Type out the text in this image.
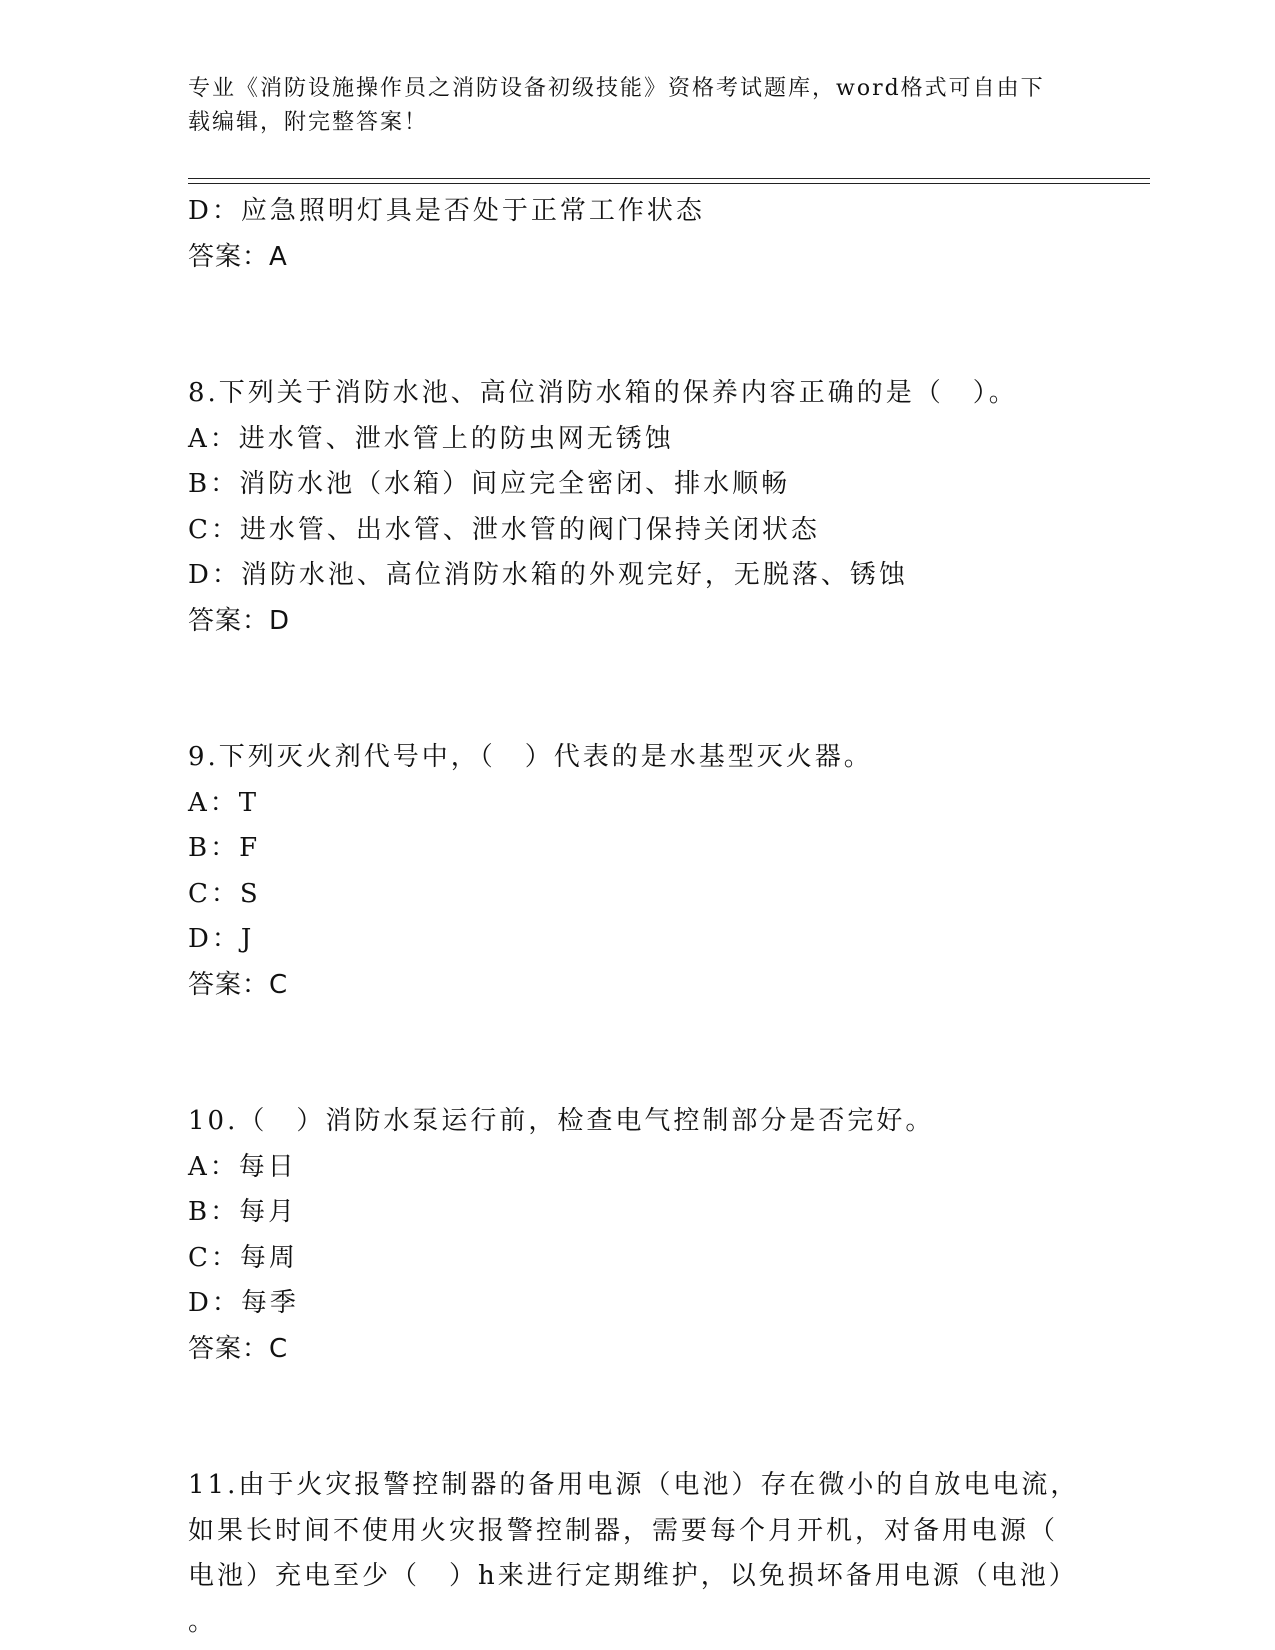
专业《消防设施操作员之消防设备初级技能》资格考试题库，word格式可自由下
载编辑，附完整答案！
D：应急照明灯具是否处于正常工作状态
答案：A
8.下列关于消防水池、高位消防水箱的保养内容正确的是（　）。
A：进水管、泄水管上的防虫网无锈蚀
B：消防水池（水箱）间应完全密闭、排水顺畅
C：进水管、出水管、泄水管的阀门保持关闭状态
D：消防水池、高位消防水箱的外观完好，无脱落、锈蚀
答案：D
9.下列灭火剂代号中，（　）代表的是水基型灭火器。
A：T
B：F
C：S
D：J
答案：C
10.（　）消防水泵运行前，检查电气控制部分是否完好。
A：每日
B：每月
C：每周
D：每季
答案：C
11.由于火灾报警控制器的备用电源（电池）存在微小的自放电电流，
如果长时间不使用火灾报警控制器，需要每个月开机，对备用电源（
电池）充电至少（　）h来进行定期维护，以免损坏备用电源（电池）
。
